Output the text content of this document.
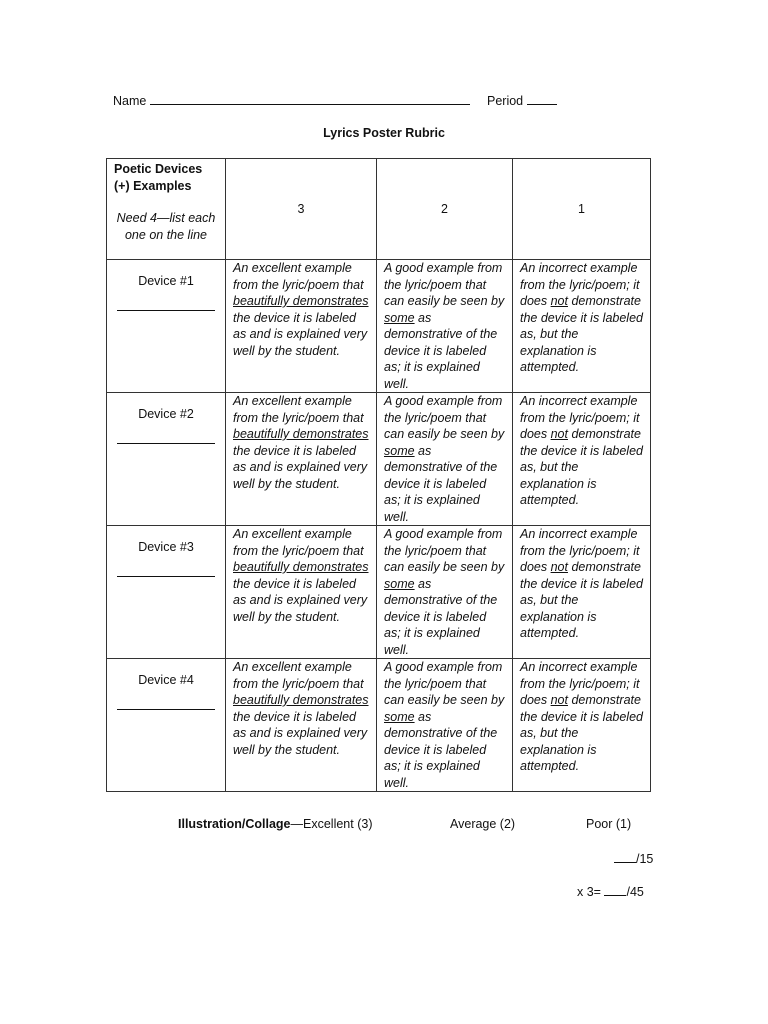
Name	Period
Lyrics Poster Rubric
Poetic Devices (+) Examples
Need 4—list each one on the line	3	2	1

Device #1	An excellent example from the lyric/poem that beautifully demonstrates the device it is labeled as and is explained very well by the student.	A good example from the lyric/poem that can easily be seen by some as demonstrative of the device it is labeled as; it is explained well.	An incorrect example from the lyric/poem; it does not demonstrate the device it is labeled as, but the explanation is attempted.

Device #2	An excellent example from the lyric/poem that beautifully demonstrates the device it is labeled as and is explained very well by the student.	A good example from the lyric/poem that can easily be seen by some as demonstrative of the device it is labeled as; it is explained well.	An incorrect example from the lyric/poem; it does not demonstrate the device it is labeled as, but the explanation is attempted.

Device #3	An excellent example from the lyric/poem that beautifully demonstrates the device it is labeled as and is explained very well by the student.	A good example from the lyric/poem that can easily be seen by some as demonstrative of the device it is labeled as; it is explained well.	An incorrect example from the lyric/poem; it does not demonstrate the device it is labeled as, but the explanation is attempted.

Device #4	An excellent example from the lyric/poem that beautifully demonstrates the device it is labeled as and is explained very well by the student.	A good example from the lyric/poem that can easily be seen by some as demonstrative of the device it is labeled as; it is explained well.	An incorrect example from the lyric/poem; it does not demonstrate the device it is labeled as, but the explanation is attempted.
Illustration/Collage—Excellent (3)	Average (2)	Poor (1)
/15
x 3= /45
